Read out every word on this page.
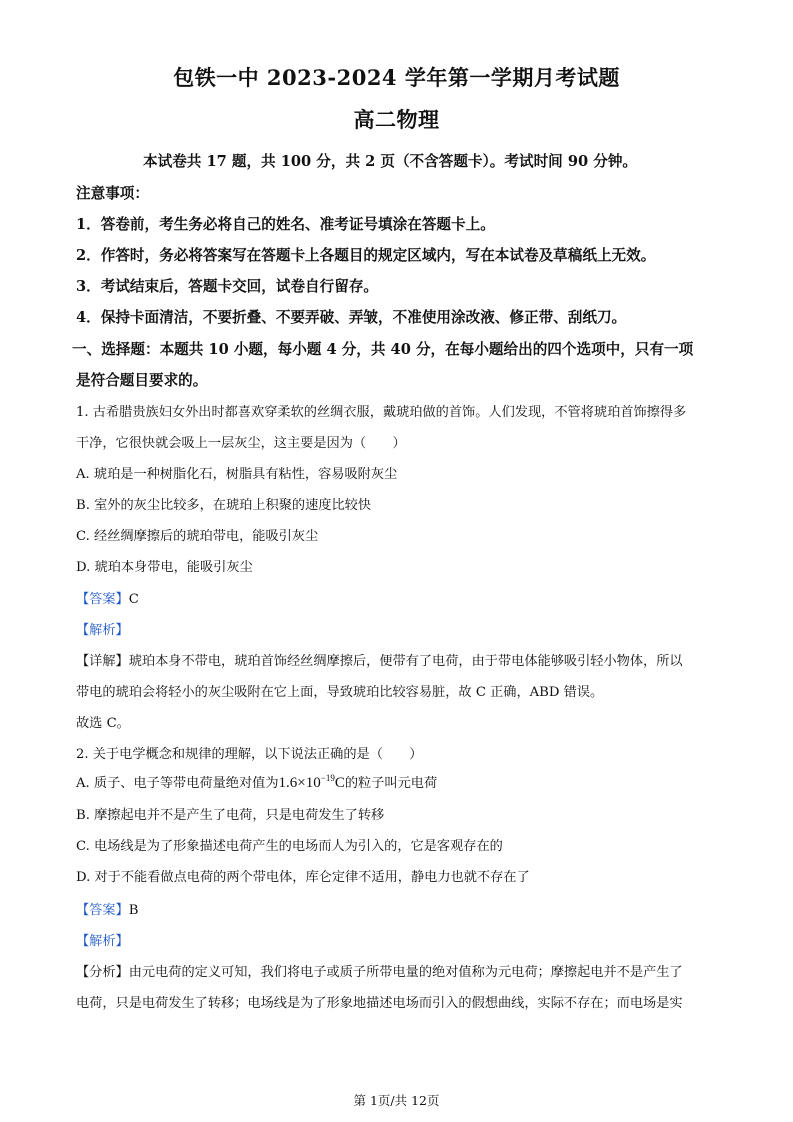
包铁一中 2023-2024 学年第一学期月考试题
高二物理
本试卷共 17 题，共 100 分，共 2 页（不含答题卡）。考试时间 90 分钟。
注意事项：
1．答卷前，考生务必将自己的姓名、准考证号填涂在答题卡上。
2．作答时，务必将答案写在答题卡上各题目的规定区域内，写在本试卷及草稿纸上无效。
3．考试结束后，答题卡交回，试卷自行留存。
4．保持卡面清洁，不要折叠、不要弄破、弄皱，不准使用涂改液、修正带、刮纸刀。
一、选择题：本题共 10 小题，每小题 4 分，共 40 分，在每小题给出的四个选项中，只有一项
是符合题目要求的。
1. 古希腊贵族妇女外出时都喜欢穿柔软的丝绸衣服，戴琥珀做的首饰。人们发现，不管将琥珀首饰擦得多
干净，它很快就会吸上一层灰尘，这主要是因为（　　）
A. 琥珀是一种树脂化石，树脂具有粘性，容易吸附灰尘
B. 室外的灰尘比较多，在琥珀上积聚的速度比较快
C. 经丝绸摩擦后的琥珀带电，能吸引灰尘
D. 琥珀本身带电，能吸引灰尘
【答案】C
【解析】
【详解】琥珀本身不带电，琥珀首饰经丝绸摩擦后，便带有了电荷，由于带电体能够吸引轻小物体，所以
带电的琥珀会将轻小的灰尘吸附在它上面，导致琥珀比较容易脏，故 C 正确，ABD 错误。
故选 C。
2. 关于电学概念和规律的理解，以下说法正确的是（　　）
A. 质子、电子等带电荷量绝对值为$1.6\times 10^{-19}C$的粒子叫元电荷
B. 摩擦起电并不是产生了电荷，只是电荷发生了转移
C. 电场线是为了形象描述电荷产生的电场而人为引入的，它是客观存在的
D. 对于不能看做点电荷的两个带电体，库仑定律不适用，静电力也就不存在了
【答案】B
【解析】
【分析】由元电荷的定义可知，我们将电子或质子所带电量的绝对值称为元电荷；摩擦起电并不是产生了
电荷，只是电荷发生了转移；电场线是为了形象地描述电场而引入的假想曲线，实际不存在；而电场是实
第 1页/共 12页
